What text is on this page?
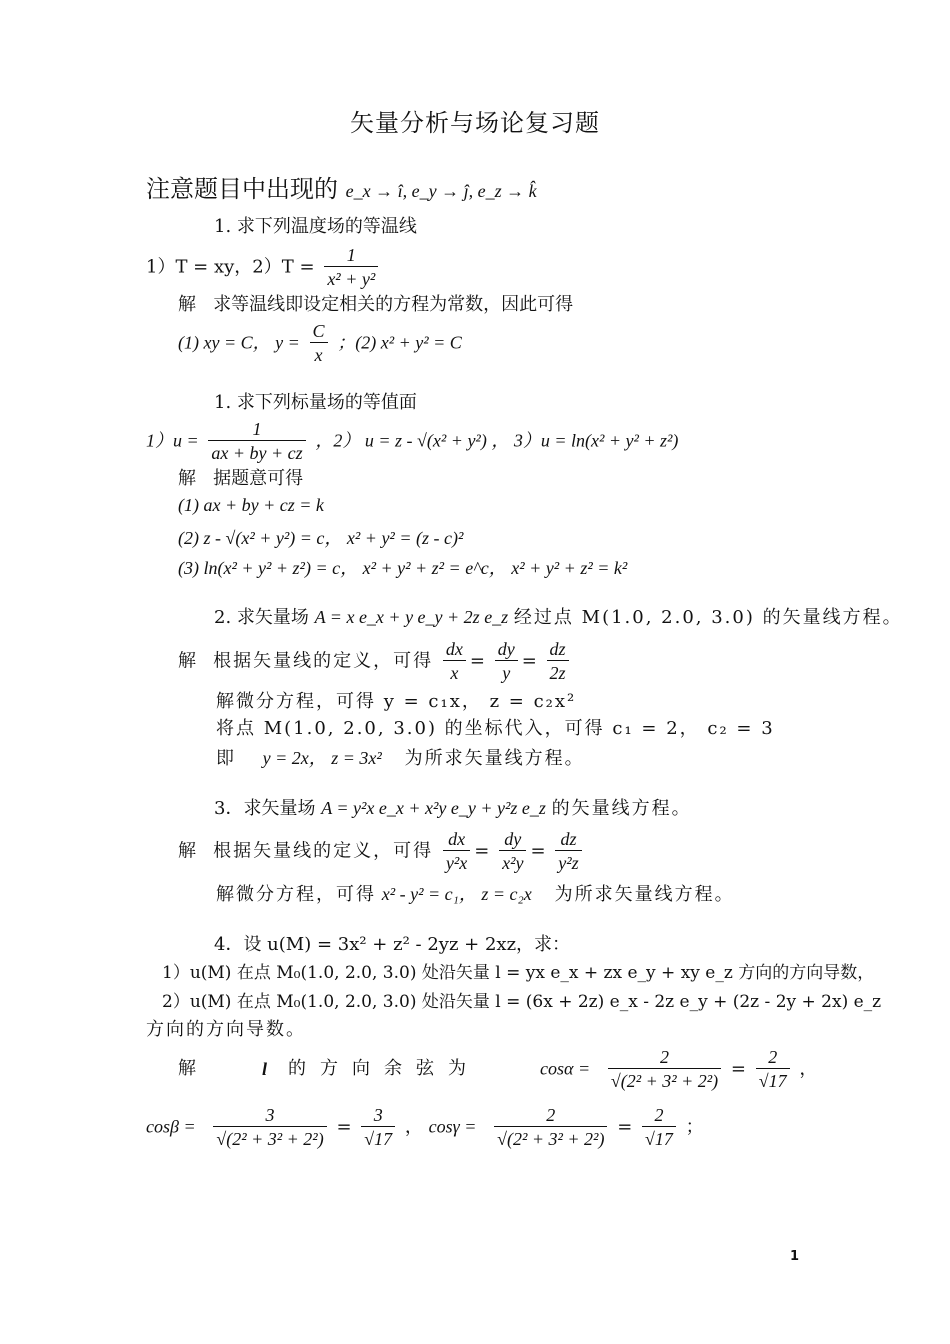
矢量分析与场论复习题
注意题目中出现的 e_x → î, e_y → ĵ, e_z → k̂
1. 求下列温度场的等温线
1）T = xy，$2)T = \frac{1}{\text{x² + y²}}$
解 求等温线即设定相关的方程为常数，因此可得
(1) xy = C， $y = \frac{C}{x}$ ；(2) x² + y² = C
1. 求下列标量场的等值面
$1)u = \frac{1}{ax + by + cz}$ ，2） u = z - √(x² + y²) ， 3）u = ln(x² + y² + z²)
解 据题意可得
(1) ax + by + cz = k
(2) z - √(x² + y²) = c， x² + y² = (z - c)²
(3) ln(x² + y² + z²) = c， x² + y² + z² = e^c， x² + y² + z² = k²
2. 求矢量场 A = x e_x + y e_y + 2z e_z 经过点 M(1.0, 2.0, 3.0) 的矢量线方程。
解 根据矢量线的定义，可得 $\frac{dx}{x} = \frac{dy}{y} = \frac{dz}{2z}$
解微分方程，可得 y = c₁x， z = c₂x²
将点 M(1.0, 2.0, 3.0) 的坐标代入，可得 c₁ = 2， c₂ = 3
即 y = 2x， z = 3x² 为所求矢量线方程。
3．求矢量场 A = y²x e_x + x²y e_y + y²z e_z 的矢量线方程。
解 根据矢量线的定义，可得 $\frac{dx}{\text{y²x}} = \frac{dy}{\text{x²y}} = \frac{dz}{\text{y²z}}$
解微分方程，可得 x² - y² = c₁， z = c₂x 为所求矢量线方程。
4．设 u(M) = 3x² + z² - 2yz + 2xz，求：
1）u(M) 在点 M₀(1.0, 2.0, 3.0) 处沿矢量 l = yx e_x + zx e_y + xy e_z 方向的方向导数，
2）u(M) 在点 M₀(1.0, 2.0, 3.0) 处沿矢量 l = (6x + 2z) e_x - 2z e_y + (2z - 2y + 2x) e_z
方向的方向导数。
解	l 的方向余弦为	$\cos\alpha = \frac{2}{\text{√(2² + 3² + 2²)}} = \frac{2}{√17}$ ，
$\cos\beta = \frac{3}{\text{√(2² + 3² + 2²)}} = \frac{3}{√17}$ ， $\cos\gamma = \frac{2}{\text{√(2² + 3² + 2²)}} = \frac{2}{√17}$ ；
1
